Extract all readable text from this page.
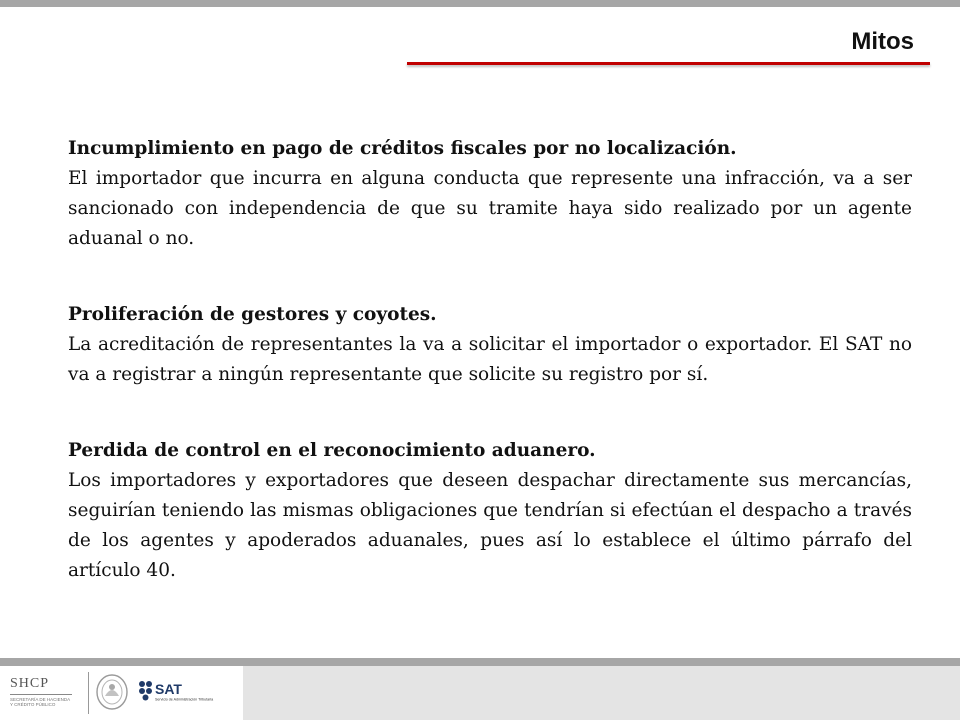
Mitos

Incumplimiento en pago de créditos fiscales por no localización.

El importador que incurra en alguna conducta que represente una infracción, va a ser sancionado con independencia de que su tramite haya sido realizado por un agente aduanal o no.

Proliferación de gestores y coyotes.

La acreditación de representantes la va a solicitar el importador o exportador. El SAT no va a registrar a ningún representante que solicite su registro por sí.

Perdida de control en el reconocimiento aduanero.

Los importadores y exportadores que deseen despachar directamente sus mercancías, seguirían teniendo las mismas obligaciones que tendrían si efectúan el despacho a través de los agentes y apoderados aduanales, pues así lo establece el último párrafo del artículo 40.

SHCP
SECRETARÍA DE HACIENDA
Y CRÉDITO PÚBLICO
SAT
Servicio de Administración Tributaria
